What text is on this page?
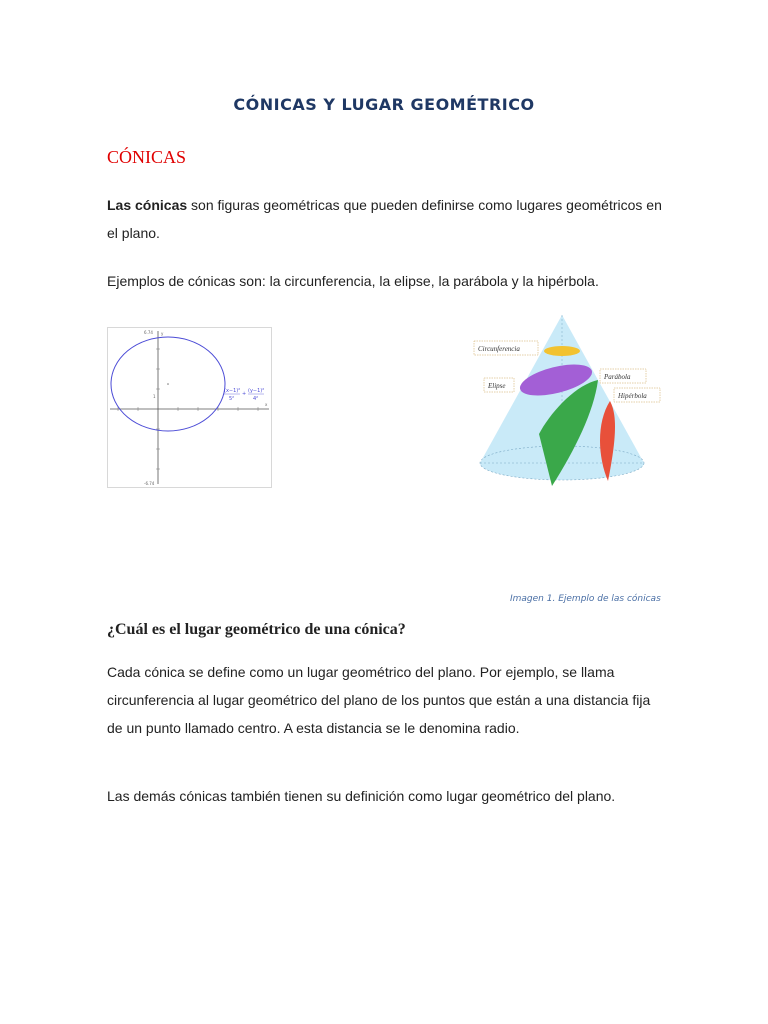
CÓNICAS Y LUGAR GEOMÉTRICO
CÓNICAS
Las cónicas son figuras geométricas que pueden definirse como lugares geométricos en el plano.
Ejemplos de cónicas son: la circunferencia, la elipse, la parábola y la hipérbola.
6.74 y
-6.74
1
x
(x−1)²
5²
+ (y−1)²
4²
Circunferencia
Elipse
Parábola
Hipérbola
Imagen 1. Ejemplo de las cónicas
¿Cuál es el lugar geométrico de una cónica?
Cada cónica se define como un lugar geométrico del plano. Por ejemplo, se llama circunferencia al lugar geométrico del plano de los puntos que están a una distancia fija de un punto llamado centro. A esta distancia se le denomina radio.
Las demás cónicas también tienen su definición como lugar geométrico del plano.
